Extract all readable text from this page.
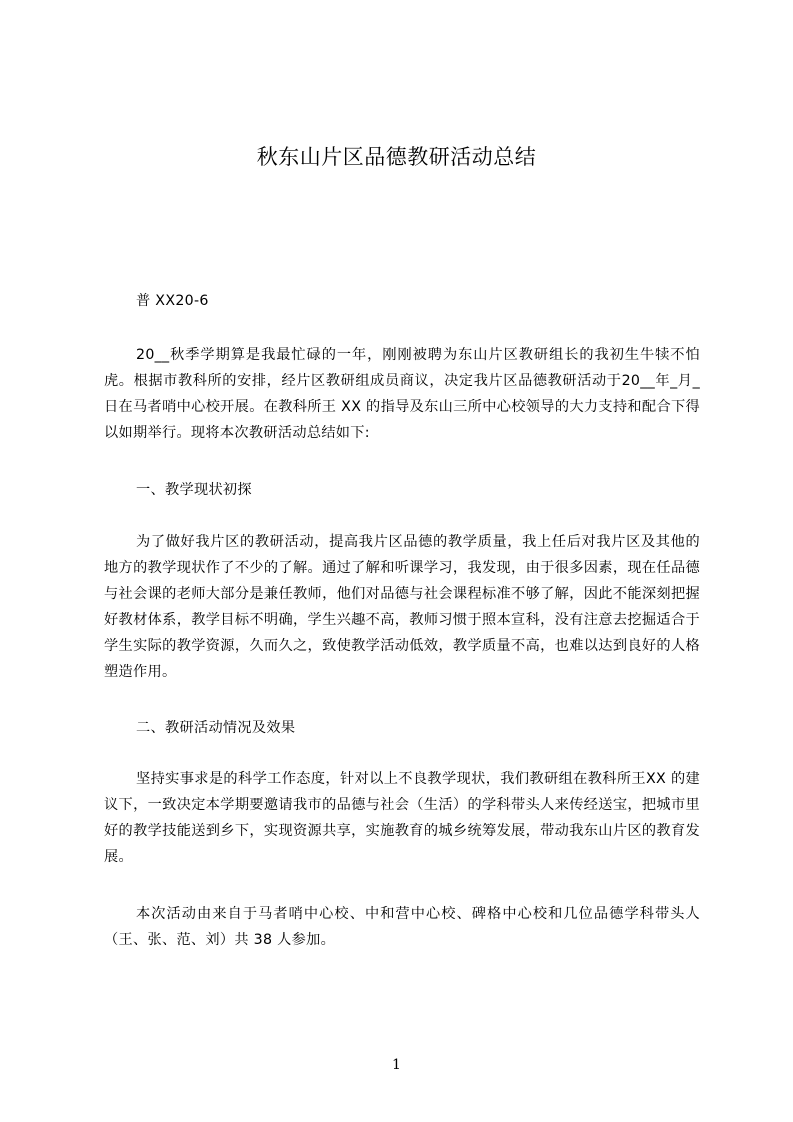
秋东山片区品德教研活动总结

普 XX20-6

20__秋季学期算是我最忙碌的一年，刚刚被聘为东山片区教研组长的我初生牛犊不怕虎。根据市教科所的安排，经片区教研组成员商议，决定我片区品德教研活动于20__年_月_日在马者哨中心校开展。在教科所王 XX 的指导及东山三所中心校领导的大力支持和配合下得以如期举行。现将本次教研活动总结如下:

一、教学现状初探

为了做好我片区的教研活动，提高我片区品德的教学质量，我上任后对我片区及其他的地方的教学现状作了不少的了解。通过了解和听课学习，我发现，由于很多因素，现在任品德与社会课的老师大部分是兼任教师，他们对品德与社会课程标准不够了解，因此不能深刻把握好教材体系，教学目标不明确，学生兴趣不高，教师习惯于照本宣科，没有注意去挖掘适合于学生实际的教学资源，久而久之，致使教学活动低效，教学质量不高，也难以达到良好的人格塑造作用。

二、教研活动情况及效果

坚持实事求是的科学工作态度，针对以上不良教学现状，我们教研组在教科所王XX 的建议下，一致决定本学期要邀请我市的品德与社会（生活）的学科带头人来传经送宝，把城市里好的教学技能送到乡下，实现资源共享，实施教育的城乡统筹发展，带动我东山片区的教育发展。

本次活动由来自于马者哨中心校、中和营中心校、碑格中心校和几位品德学科带头人（王、张、范、刘）共 38 人参加。

1
